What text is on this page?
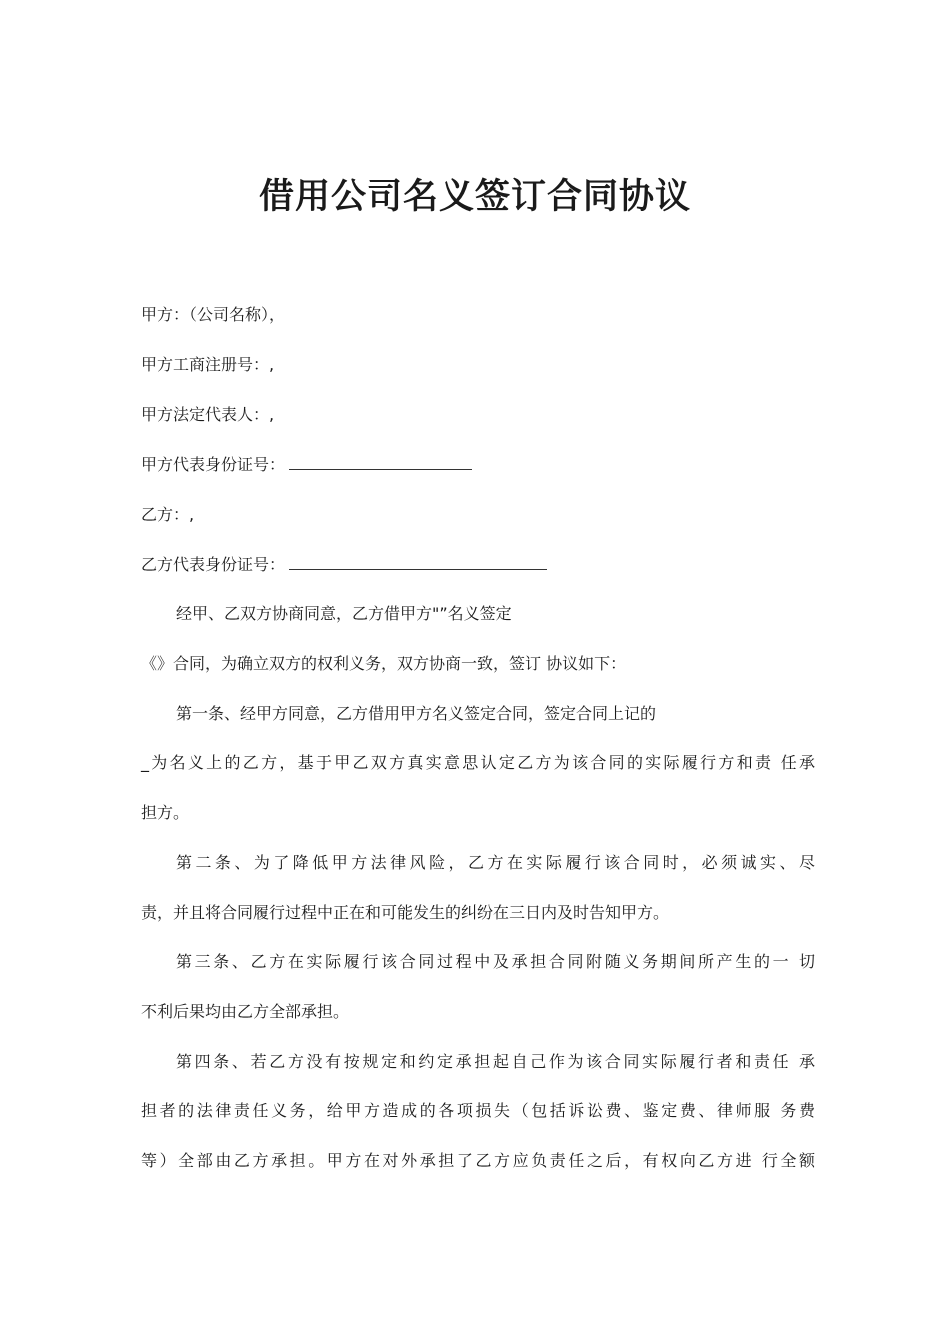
借用公司名义签订合同协议
甲方：（公司名称），
甲方工商注册号：,
甲方法定代表人：,
甲方代表身份证号：
乙方：,
乙方代表身份证号：
经甲、乙双方协商同意，乙方借甲方"”名义签定
《》合同，为确立双方的权利义务，双方协商一致，签订 协议如下：
第一条、经甲方同意，乙方借用甲方名义签定合同，签定合同上记的
_为名义上的乙方，基于甲乙双方真实意思认定乙方为该合同的实际履行方和责 任承
担方。
第二条、为了降低甲方法律风险，乙方在实际履行该合同时，必须诚实、尽
责，并且将合同履行过程中正在和可能发生的纠纷在三日内及时告知甲方。
第三条、乙方在实际履行该合同过程中及承担合同附随义务期间所产生的一 切
不利后果均由乙方全部承担。
第四条、若乙方没有按规定和约定承担起自己作为该合同实际履行者和责任 承
担者的法律责任义务，给甲方造成的各项损失（包括诉讼费、鉴定费、律师服 务费
等）全部由乙方承担。甲方在对外承担了乙方应负责任之后，有权向乙方进 行全额
